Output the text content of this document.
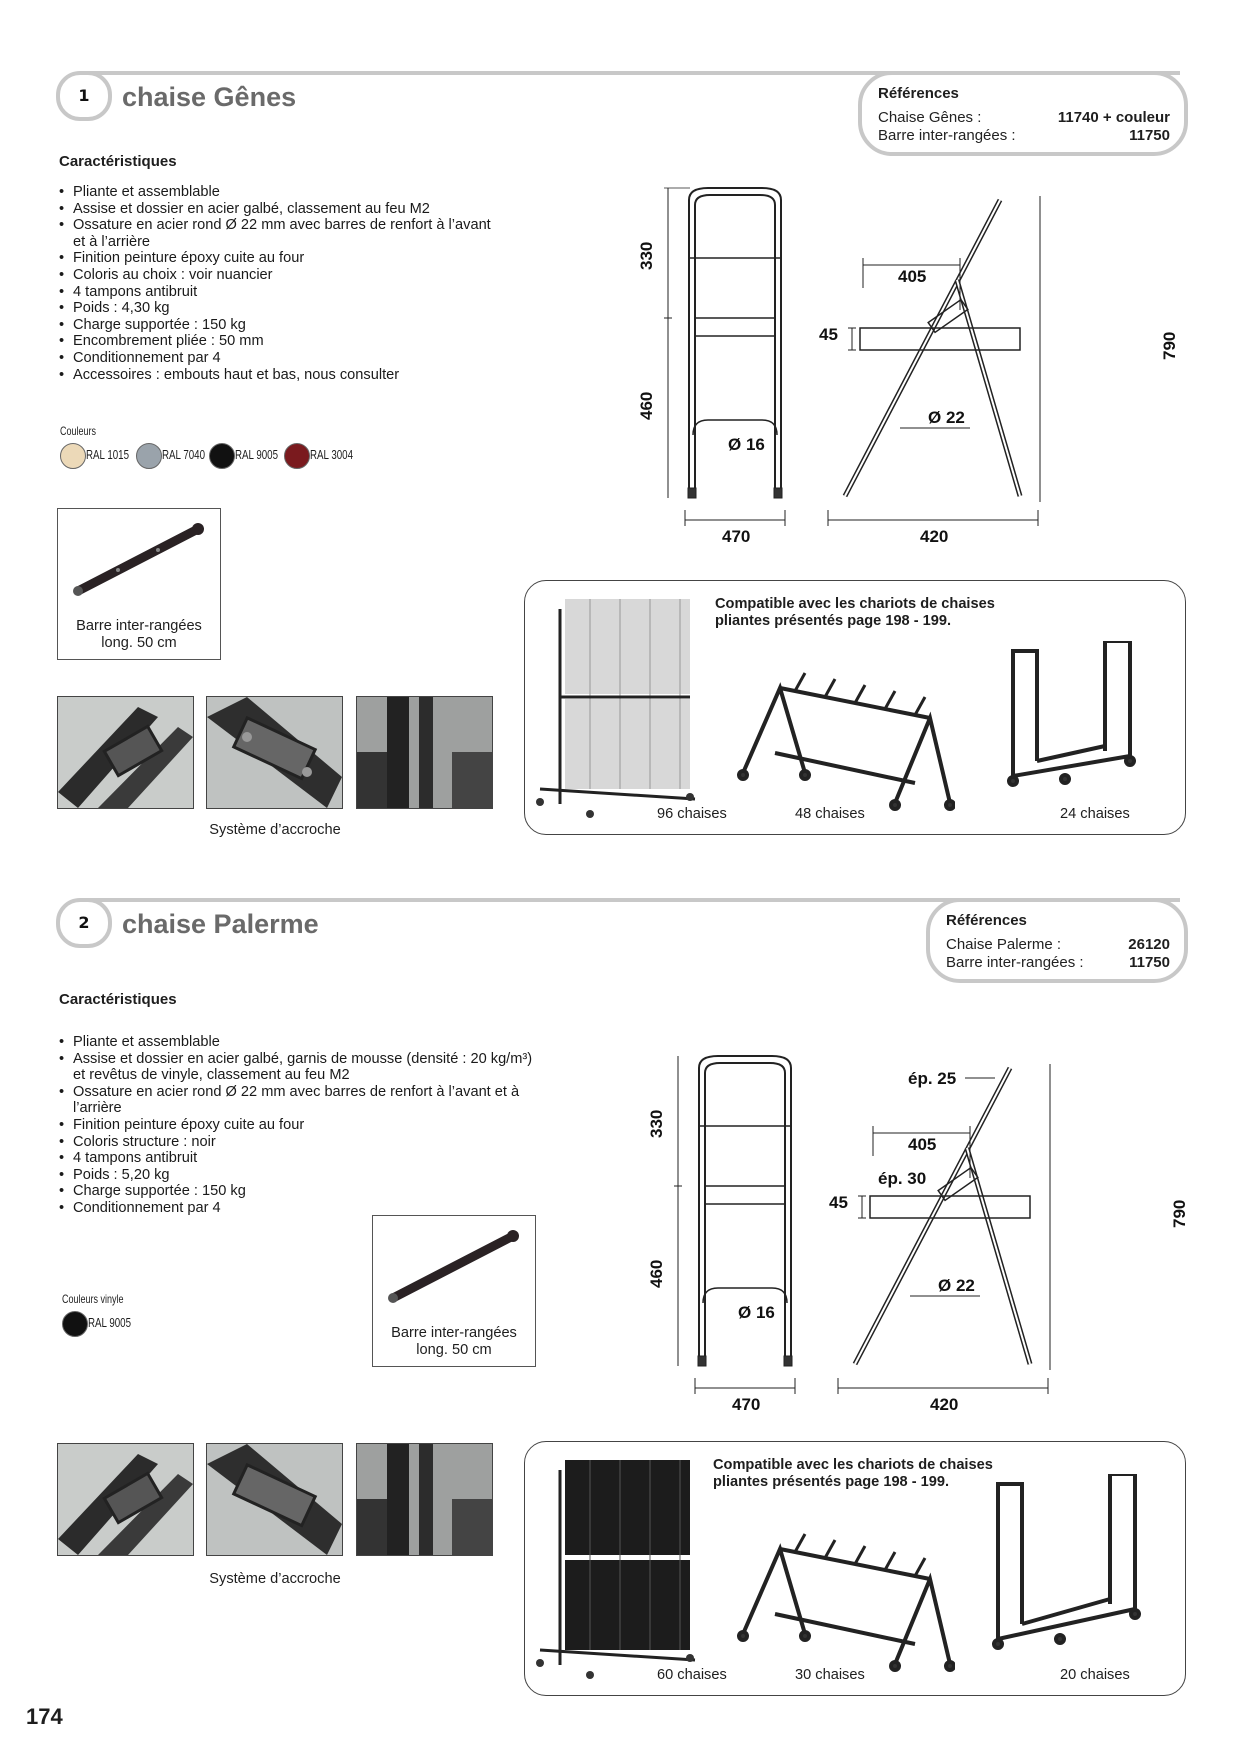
1	chaise Gênes	Références
Chaise Gênes :	11740 + couleur
Barre inter-rangées :	11750
Caractéristiques
• Pliante et assemblable
• Assise et dossier en acier galbé, classement au feu M2
• Ossature en acier rond Ø 22 mm avec barres de renfort à l’avant
et à l’arrière
• Finition peinture époxy cuite au four
• Coloris au choix : voir nuancier
• 4 tampons antibruit
• Poids : 4,30 kg
• Charge supportée : 150 kg
• Encombrement pliée : 50 mm
• Conditionnement par 4
• Accessoires : embouts haut et bas, nous consulter
Couleurs
RAL 1015	RAL 7040 RAL 9005 RAL 3004
Barre inter-rangées
long. 50 cm
Système d’accroche
330
460
Ø 16
470
405
45	790
Ø 22
420
Compatible avec les chariots de chaises
pliantes présentés page 198 - 199.
96 chaises	48 chaises	24 chaises
2	chaise Palerme	Références
Chaise Palerme :	26120
Barre inter-rangées :	11750
Caractéristiques
• Pliante et assemblable
• Assise et dossier en acier galbé, garnis de mousse (densité : 20 kg/m³)
et revêtus de vinyle, classement au feu M2
• Ossature en acier rond Ø 22 mm avec barres de renfort à l’avant et à
l’arrière
• Finition peinture époxy cuite au four
• Coloris structure : noir
• 4 tampons antibruit
• Poids : 5,20 kg
• Charge supportée : 150 kg
• Conditionnement par 4
Couleurs vinyle
RAL 9005
Barre inter-rangées
long. 50 cm
Système d’accroche
330
460
Ø 16
470
ép. 25
405
ép. 30
45	790
Ø 22
420
Compatible avec les chariots de chaises
pliantes présentés page 198 - 199.
60 chaises	30 chaises	20 chaises
174
